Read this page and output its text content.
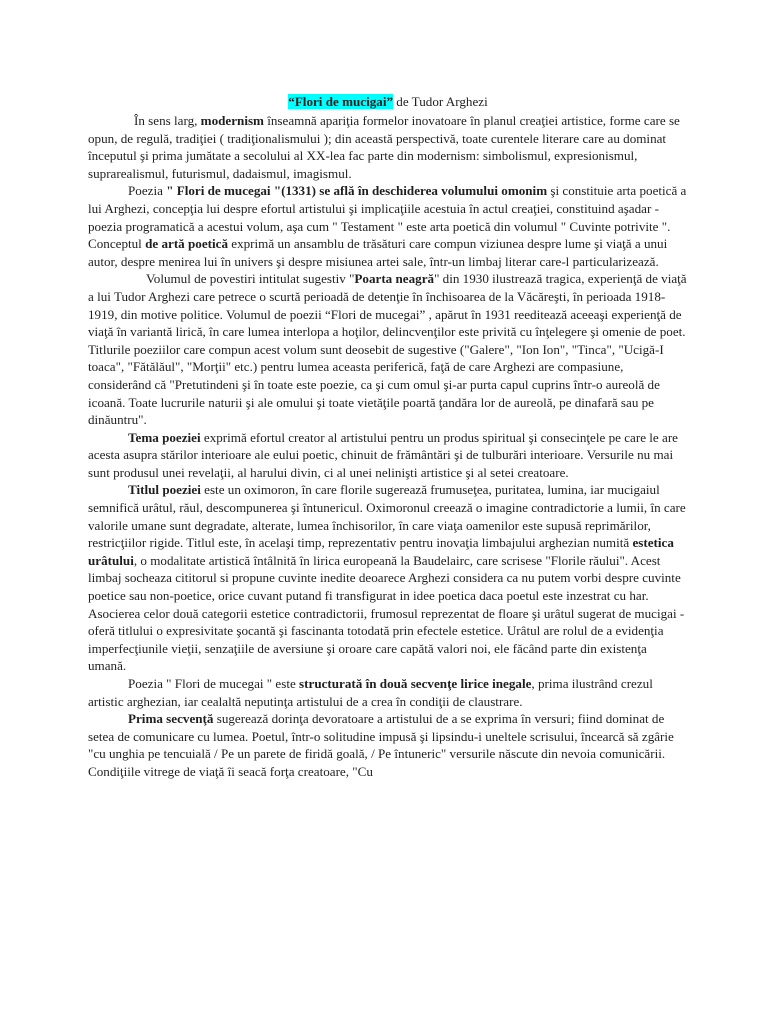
“Flori de mucigai” de Tudor Arghezi

În sens larg, modernism înseamnă apariţia formelor inovatoare în planul creaţiei artistice, forme care se opun, de regulă, tradiţiei ( tradiţionalismului ); din această perspectivă, toate curentele literare care au dominat începutul şi prima jumătate a secolului al XX-lea fac parte din modernism: simbolismul, expresionismul, suprarealismul, futurismul, dadaismul, imagismul.

Poezia " Flori de mucegai "(1331) se află în deschiderea volumului omonim şi constituie arta poetică a lui Arghezi, concepţia lui despre efortul artistului şi implicaţiile acestuia în actul creaţiei, constituind aşadar - poezia programatică a acestui volum, aşa cum " Testament " este arta poetică din volumul " Cuvinte potrivite ".

Conceptul de artă poetică exprimă un ansamblu de trăsături care compun viziunea despre lume şi viaţă a unui autor, despre menirea lui în univers şi despre misiunea artei sale, într-un limbaj literar care-l particularizează.

Volumul de povestiri intitulat sugestiv "Poarta neagră" din 1930 ilustrează tragica, experienţă de viaţă a lui Tudor Arghezi care petrece o scurtă perioadă de detenţie în închisoarea de la Văcăreşti, în perioada 1918-1919, din motive politice. Volumul de poezii “Flori de mucegai” , apărut în 1931 reeditează aceeaşi experienţă de viaţă în variantă lirică, în care lumea interlopa a hoţilor, delincvenţilor este privită cu înţelegere şi omenie de poet. Titlurile poeziilor care compun acest volum sunt deosebit de sugestive ("Galere", "Ion Ion", "Tinca", "Ucigă-I toaca", "Fătălăul", "Morţii" etc.) pentru lumea aceasta periferică, faţă de care Arghezi are compasiune, considerând că "Pretutindeni şi în toate este poezie, ca şi cum omul şi-ar purta capul cuprins într-o aureolă de icoană. Toate lucrurile naturii şi ale omului şi toate vietăţile poartă ţandăra lor de aureolă, pe dinafară sau pe dinăuntru".

Tema poeziei exprimă efortul creator al artistului pentru un produs spiritual şi consecinţele pe care le are acesta asupra stărilor interioare ale eului poetic, chinuit de frământări şi de tulburări interioare. Versurile nu mai sunt produsul unei revelaţii, al harului divin, ci al unei nelinişti artistice şi al setei creatoare.

Titlul poeziei este un oximoron, în care florile sugerează frumuseţea, puritatea, lumina, iar mucigaiul semnifică urâtul, răul, descompunerea şi întunericul. Oximoronul creează o imagine contradictorie a lumii, în care valorile umane sunt degradate, alterate, lumea închisorilor, în care viaţa oamenilor este supusă reprimărilor, restricţiilor rigide. Titlul este, în acelaşi timp, reprezentativ pentru inovaţia limbajului arghezian numită estetica urâtului, o modalitate artistică întâlnită în lirica europeană la Baudelairc, care scrisese "Florile răului". Acest limbaj socheaza cititorul si propune cuvinte inedite deoarece Arghezi considera ca nu putem vorbi despre cuvinte poetice sau non-poetice, orice cuvant putand fi transfigurat in idee poetica daca poetul este inzestrat cu har. Asocierea celor două categorii estetice contradictorii, frumosul reprezentat de floare şi urâtul sugerat de mucigai - oferă titlului o expresivitate şocantă şi fascinanta totodată prin efectele estetice. Urâtul are rolul de a evidenţia imperfecţiunile vieţii, senzaţiile de aversiune şi oroare care capătă valori noi, ele făcând parte din existenţa umană.

Poezia " Flori de mucegai " este structurată în două secvenţe lirice inegale, prima ilustrând crezul artistic arghezian, iar cealaltă neputinţa artistului de a crea în condiţii de claustrare.

Prima secvenţă sugerează dorinţa devoratoare a artistului de a se exprima în versuri; fiind dominat de setea de comunicare cu lumea. Poetul, într-o solitudine impusă şi lipsindu-i uneltele scrisului, încearcă să zgârie "cu unghia pe tencuială / Pe un parete de firidă goală, / Pe întuneric" versurile născute din nevoia comunicării. Condiţiile vitrege de viaţă îi seacă forţa creatoare, "Cu
